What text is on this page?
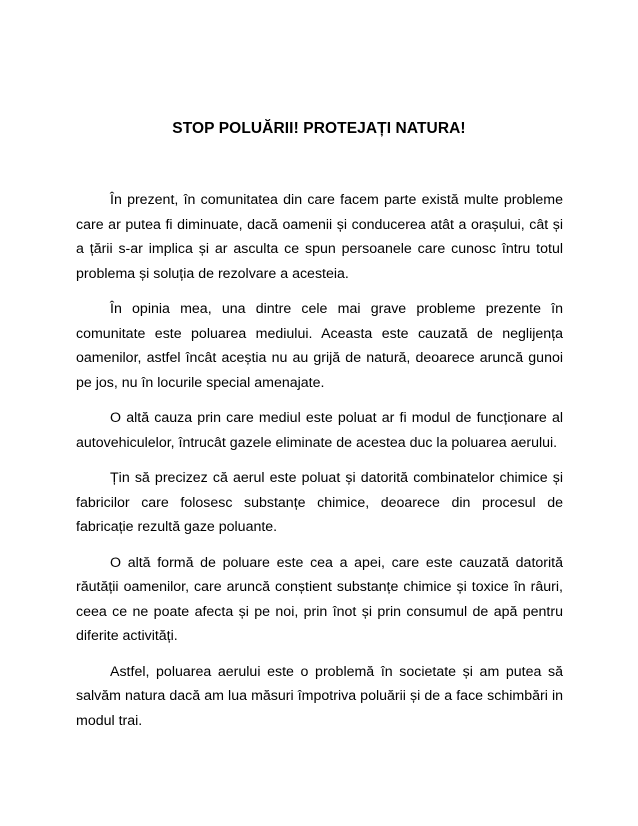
STOP POLUĂRII! PROTEJAȚI NATURA!

În prezent, în comunitatea din care facem parte există multe probleme care ar putea fi diminuate, dacă oamenii și conducerea atât a orașului, cât și a țării s-ar implica și ar asculta ce spun persoanele care cunosc întru totul problema și soluția de rezolvare a acesteia.

În opinia mea, una dintre cele mai grave probleme prezente în comunitate este poluarea mediului. Aceasta este cauzată de neglijența oamenilor, astfel încât aceștia nu au grijă de natură, deoarece aruncă gunoi pe jos, nu în locurile special amenajate.

O altă cauza prin care mediul este poluat ar fi modul de funcționare al autovehiculelor, întrucât gazele eliminate de acestea duc la poluarea aerului.

Țin să precizez că aerul este poluat și datorită combinatelor chimice și fabricilor care folosesc substanțe chimice, deoarece din procesul de fabricație rezultă gaze poluante.

O altă formă de poluare este cea a apei, care este cauzată datorită răutății oamenilor, care aruncă conștient substanțe chimice și toxice în râuri, ceea ce ne poate afecta și pe noi, prin înot și prin consumul de apă pentru diferite activități.

Astfel, poluarea aerului este o problemă în societate și am putea să salvăm natura dacă am lua măsuri împotriva poluării și de a face schimbări in modul trai.
